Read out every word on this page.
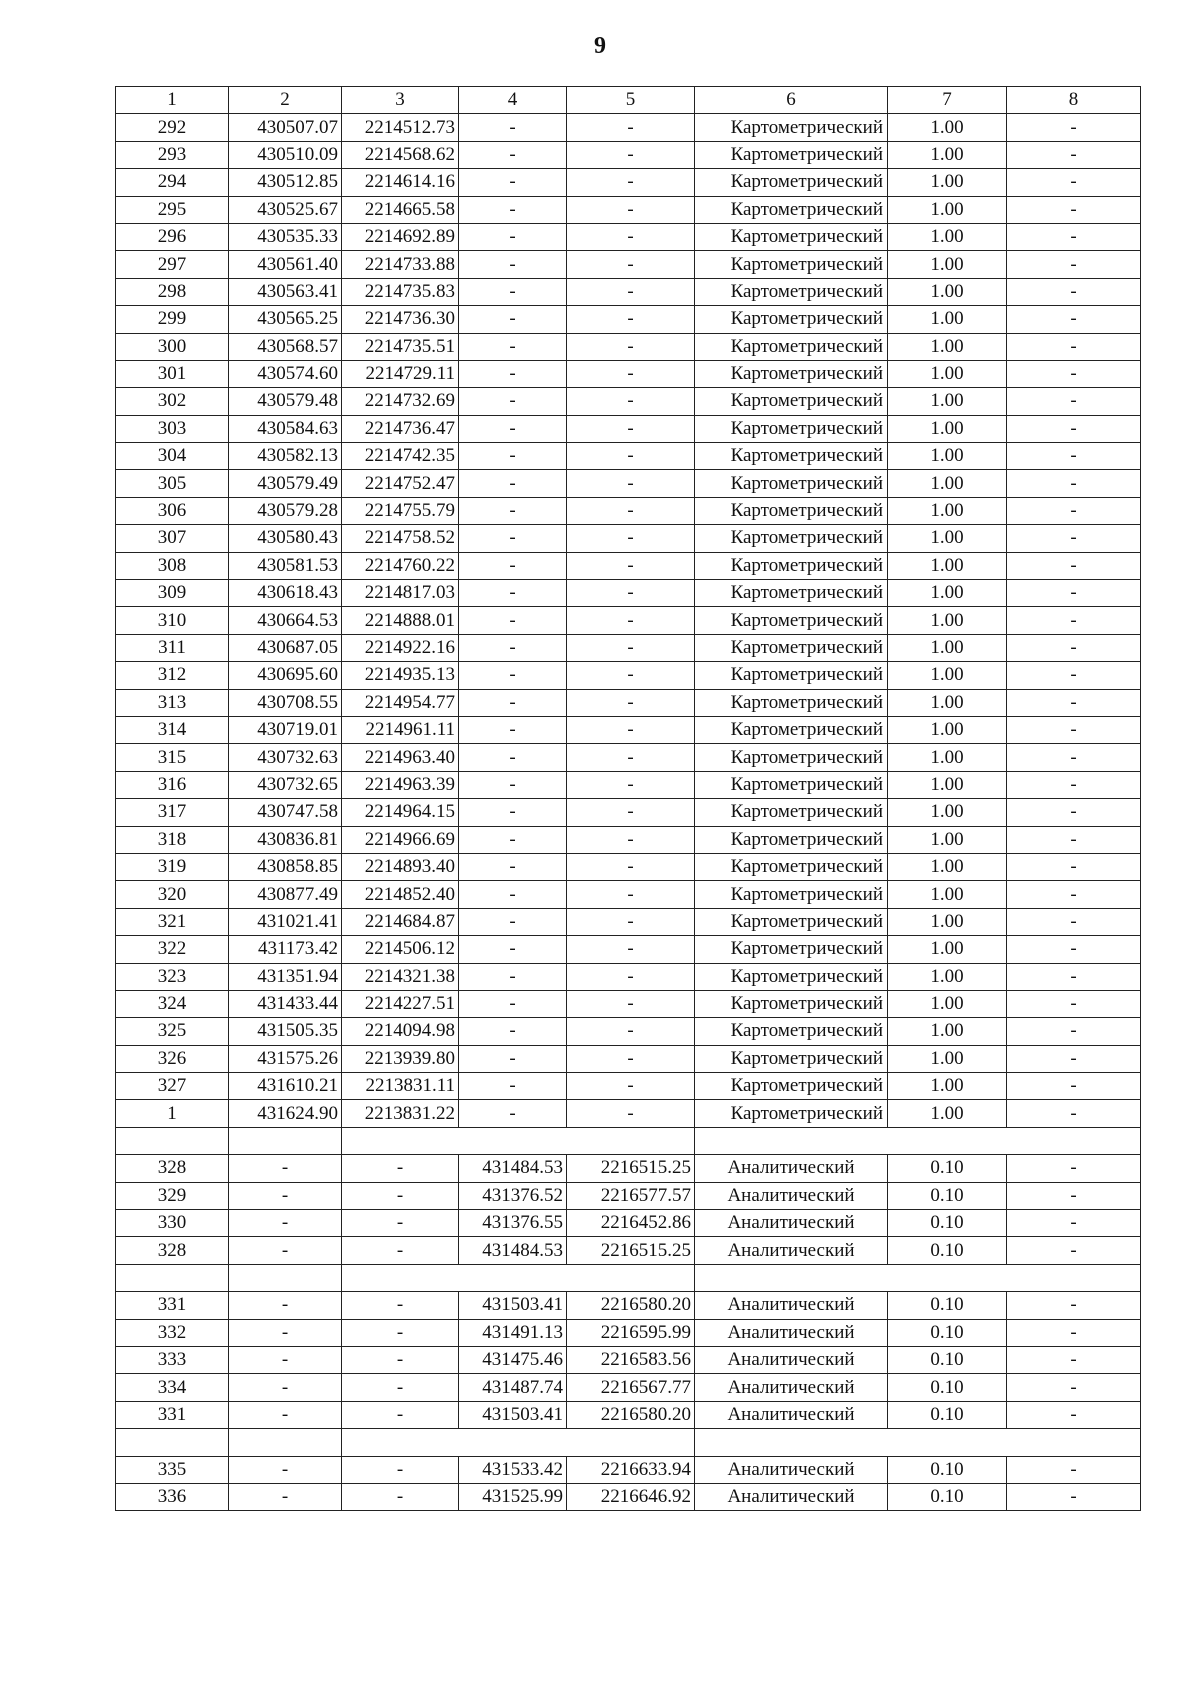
9
1	2	3	4	5	6	7	8
292	430507.07	2214512.73	-	-	Картометрический	1.00	-
293	430510.09	2214568.62	-	-	Картометрический	1.00	-
294	430512.85	2214614.16	-	-	Картометрический	1.00	-
295	430525.67	2214665.58	-	-	Картометрический	1.00	-
296	430535.33	2214692.89	-	-	Картометрический	1.00	-
297	430561.40	2214733.88	-	-	Картометрический	1.00	-
298	430563.41	2214735.83	-	-	Картометрический	1.00	-
299	430565.25	2214736.30	-	-	Картометрический	1.00	-
300	430568.57	2214735.51	-	-	Картометрический	1.00	-
301	430574.60	2214729.11	-	-	Картометрический	1.00	-
302	430579.48	2214732.69	-	-	Картометрический	1.00	-
303	430584.63	2214736.47	-	-	Картометрический	1.00	-
304	430582.13	2214742.35	-	-	Картометрический	1.00	-
305	430579.49	2214752.47	-	-	Картометрический	1.00	-
306	430579.28	2214755.79	-	-	Картометрический	1.00	-
307	430580.43	2214758.52	-	-	Картометрический	1.00	-
308	430581.53	2214760.22	-	-	Картометрический	1.00	-
309	430618.43	2214817.03	-	-	Картометрический	1.00	-
310	430664.53	2214888.01	-	-	Картометрический	1.00	-
311	430687.05	2214922.16	-	-	Картометрический	1.00	-
312	430695.60	2214935.13	-	-	Картометрический	1.00	-
313	430708.55	2214954.77	-	-	Картометрический	1.00	-
314	430719.01	2214961.11	-	-	Картометрический	1.00	-
315	430732.63	2214963.40	-	-	Картометрический	1.00	-
316	430732.65	2214963.39	-	-	Картометрический	1.00	-
317	430747.58	2214964.15	-	-	Картометрический	1.00	-
318	430836.81	2214966.69	-	-	Картометрический	1.00	-
319	430858.85	2214893.40	-	-	Картометрический	1.00	-
320	430877.49	2214852.40	-	-	Картометрический	1.00	-
321	431021.41	2214684.87	-	-	Картометрический	1.00	-
322	431173.42	2214506.12	-	-	Картометрический	1.00	-
323	431351.94	2214321.38	-	-	Картометрический	1.00	-
324	431433.44	2214227.51	-	-	Картометрический	1.00	-
325	431505.35	2214094.98	-	-	Картометрический	1.00	-
326	431575.26	2213939.80	-	-	Картометрический	1.00	-
327	431610.21	2213831.11	-	-	Картометрический	1.00	-
1	431624.90	2213831.22	-	-	Картометрический	1.00	-

328	-	-	431484.53	2216515.25	Аналитический	0.10	-
329	-	-	431376.52	2216577.57	Аналитический	0.10	-
330	-	-	431376.55	2216452.86	Аналитический	0.10	-
328	-	-	431484.53	2216515.25	Аналитический	0.10	-

331	-	-	431503.41	2216580.20	Аналитический	0.10	-
332	-	-	431491.13	2216595.99	Аналитический	0.10	-
333	-	-	431475.46	2216583.56	Аналитический	0.10	-
334	-	-	431487.74	2216567.77	Аналитический	0.10	-
331	-	-	431503.41	2216580.20	Аналитический	0.10	-

335	-	-	431533.42	2216633.94	Аналитический	0.10	-
336	-	-	431525.99	2216646.92	Аналитический	0.10	-
